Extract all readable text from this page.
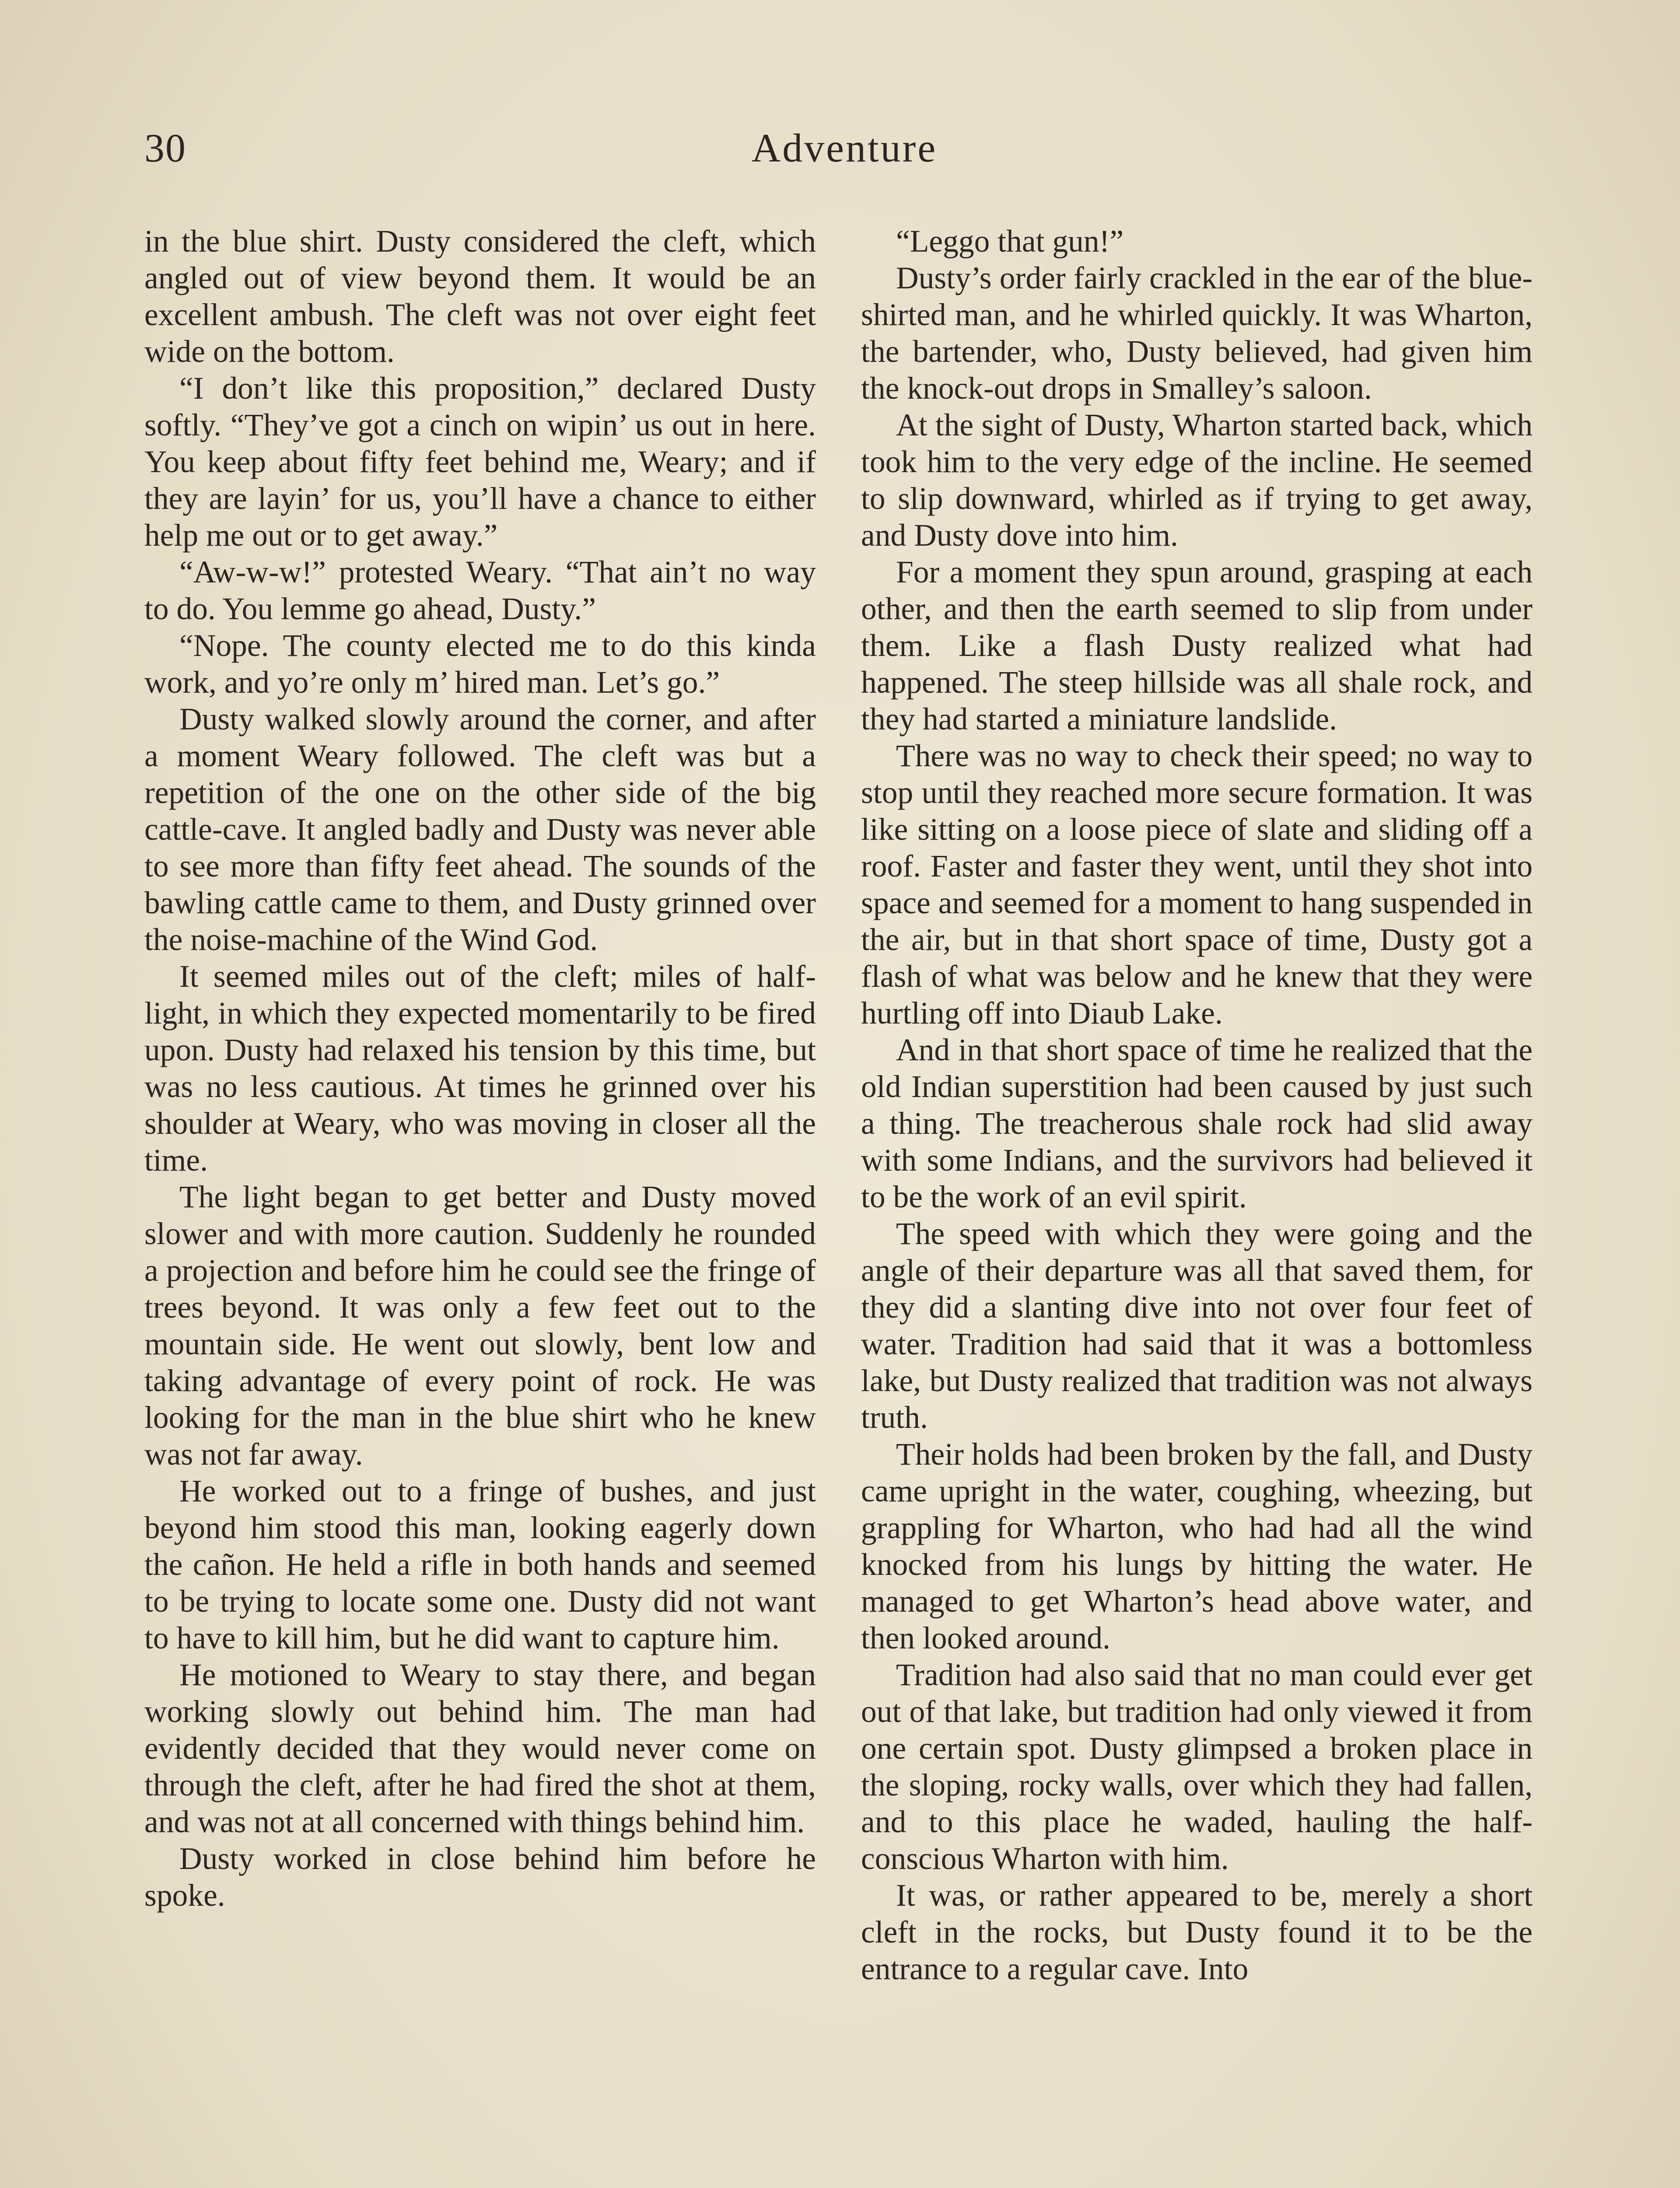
30	Adventure

in the blue shirt. Dusty considered the cleft, which angled out of view beyond them. It would be an excellent ambush. The cleft was not over eight feet wide on the bottom.

“I don’t like this proposition,” declared Dusty softly. “They’ve got a cinch on wipin’ us out in here. You keep about fifty feet behind me, Weary; and if they are layin’ for us, you’ll have a chance to either help me out or to get away.”

“Aw-w-w!” protested Weary. “That ain’t no way to do. You lemme go ahead, Dusty.”

“Nope. The county elected me to do this kinda work, and yo’re only m’ hired man. Let’s go.”

Dusty walked slowly around the corner, and after a moment Weary followed. The cleft was but a repetition of the one on the other side of the big cattle-cave. It angled badly and Dusty was never able to see more than fifty feet ahead. The sounds of the bawling cattle came to them, and Dusty grinned over the noise-machine of the Wind God.

It seemed miles out of the cleft; miles of half-light, in which they expected momentarily to be fired upon. Dusty had relaxed his tension by this time, but was no less cautious. At times he grinned over his shoulder at Weary, who was moving in closer all the time.

The light began to get better and Dusty moved slower and with more caution. Suddenly he rounded a projection and before him he could see the fringe of trees beyond. It was only a few feet out to the mountain side. He went out slowly, bent low and taking advantage of every point of rock. He was looking for the man in the blue shirt who he knew was not far away.

He worked out to a fringe of bushes, and just beyond him stood this man, looking eagerly down the cañon. He held a rifle in both hands and seemed to be trying to locate some one. Dusty did not want to have to kill him, but he did want to capture him.

He motioned to Weary to stay there, and began working slowly out behind him. The man had evidently decided that they would never come on through the cleft, after he had fired the shot at them, and was not at all concerned with things behind him.

Dusty worked in close behind him before he spoke.

“Leggo that gun!”

Dusty’s order fairly crackled in the ear of the blue-shirted man, and he whirled quickly. It was Wharton, the bartender, who, Dusty believed, had given him the knock-out drops in Smalley’s saloon.

At the sight of Dusty, Wharton started back, which took him to the very edge of the incline. He seemed to slip downward, whirled as if trying to get away, and Dusty dove into him.

For a moment they spun around, grasping at each other, and then the earth seemed to slip from under them. Like a flash Dusty realized what had happened. The steep hillside was all shale rock, and they had started a miniature landslide.

There was no way to check their speed; no way to stop until they reached more secure formation. It was like sitting on a loose piece of slate and sliding off a roof. Faster and faster they went, until they shot into space and seemed for a moment to hang suspended in the air, but in that short space of time, Dusty got a flash of what was below and he knew that they were hurtling off into Diaub Lake.

And in that short space of time he realized that the old Indian superstition had been caused by just such a thing. The treacherous shale rock had slid away with some Indians, and the survivors had believed it to be the work of an evil spirit.

The speed with which they were going and the angle of their departure was all that saved them, for they did a slanting dive into not over four feet of water. Tradition had said that it was a bottomless lake, but Dusty realized that tradition was not always truth.

Their holds had been broken by the fall, and Dusty came upright in the water, coughing, wheezing, but grappling for Wharton, who had had all the wind knocked from his lungs by hitting the water. He managed to get Wharton’s head above water, and then looked around.

Tradition had also said that no man could ever get out of that lake, but tradition had only viewed it from one certain spot. Dusty glimpsed a broken place in the sloping, rocky walls, over which they had fallen, and to this place he waded, hauling the half-conscious Wharton with him.

It was, or rather appeared to be, merely a short cleft in the rocks, but Dusty found it to be the entrance to a regular cave. Into
